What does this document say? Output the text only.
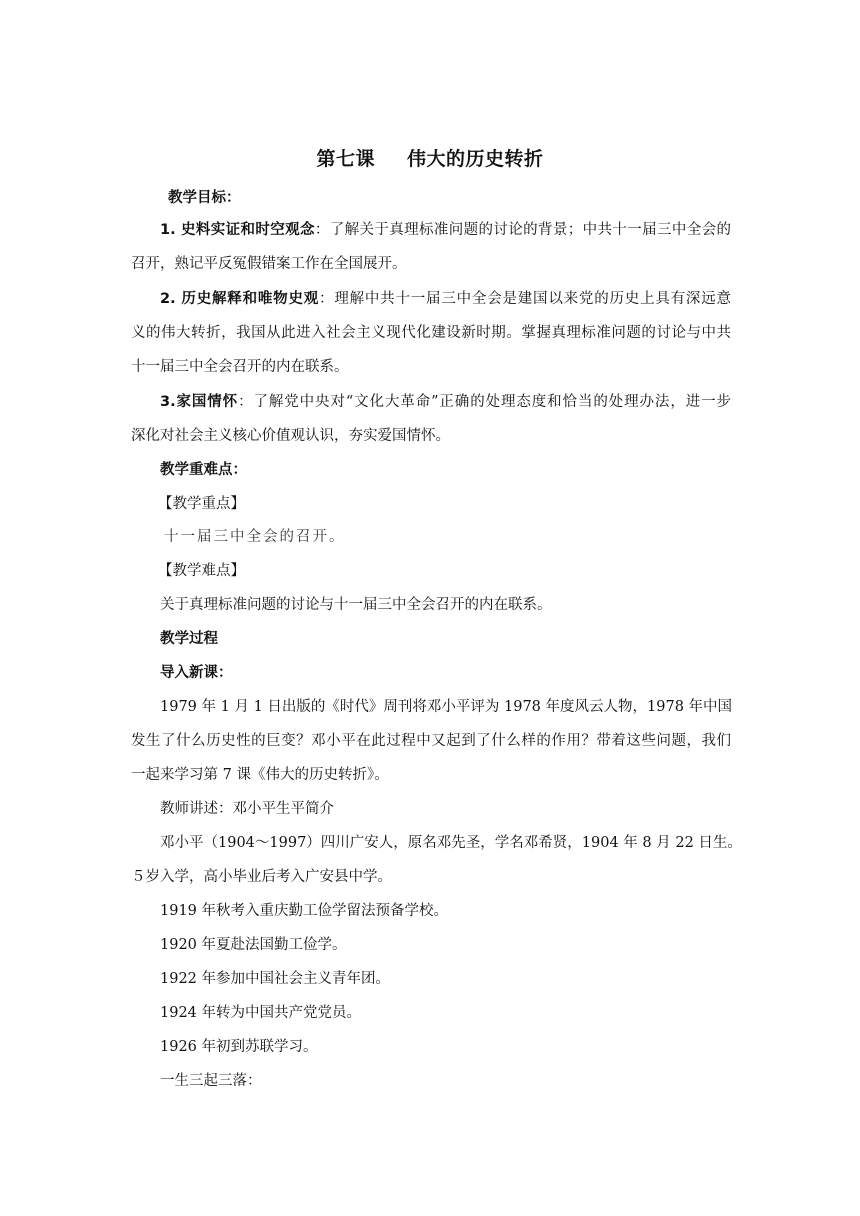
第七课 伟大的历史转折
教学目标：
1. 史料实证和时空观念：了解关于真理标准问题的讨论的背景；中共十一届三中全会的
召开，熟记平反冤假错案工作在全国展开。
2. 历史解释和唯物史观：理解中共十一届三中全会是建国以来党的历史上具有深远意
义的伟大转折，我国从此进入社会主义现代化建设新时期。掌握真理标准问题的讨论与中共
十一届三中全会召开的内在联系。
3.家国情怀：了解党中央对“文化大革命”正确的处理态度和恰当的处理办法，进一步
深化对社会主义核心价值观认识，夯实爱国情怀。
教学重难点：
【教学重点】
十一届三中全会的召开。
【教学难点】
关于真理标准问题的讨论与十一届三中全会召开的内在联系。
教学过程
导入新课：
1979 年 1 月 1 日出版的《时代》周刊将邓小平评为 1978 年度风云人物，1978 年中国
发生了什么历史性的巨变？邓小平在此过程中又起到了什么样的作用？带着这些问题，我们
一起来学习第 7 课《伟大的历史转折》。
教师讲述：邓小平生平简介
邓小平（1904～1997）四川广安人，原名邓先圣，学名邓希贤，1904 年 8 月 22 日生。
５岁入学，高小毕业后考入广安县中学。
1919 年秋考入重庆勤工俭学留法预备学校。
1920 年夏赴法国勤工俭学。
1922 年参加中国社会主义青年团。
1924 年转为中国共产党党员。
1926 年初到苏联学习。
一生三起三落：
